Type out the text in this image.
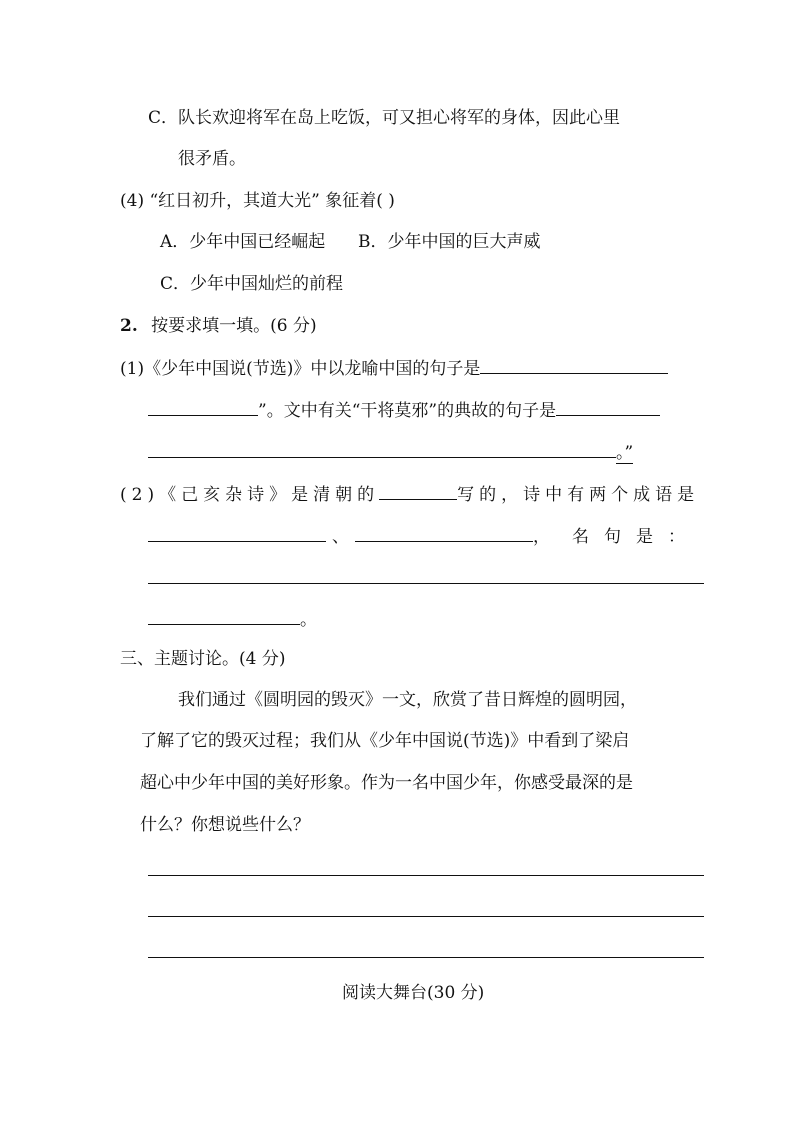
C．队长欢迎将军在岛上吃饭，可又担心将军的身体，因此心里
很矛盾。
(4) “红日初升，其道大光” 象征着( )
A．少年中国已经崛起 B．少年中国的巨大声威
C．少年中国灿烂的前程
2. 按要求填一填。(6 分)
(1)《少年中国说(节选)》中以龙喻中国的句子是
”。文中有关“干将莫邪”的典故的句子是
。”
(2)《己亥杂诗》是清朝的	写的，诗中有两个成语是
、	， 名句是：
。
三、主题讨论。(4 分)
我们通过《圆明园的毁灭》一文，欣赏了昔日辉煌的圆明园，
了解了它的毁灭过程；我们从《少年中国说(节选)》中看到了梁启
超心中少年中国的美好形象。作为一名中国少年，你感受最深的是
什么？你想说些什么？
阅读大舞台(30 分)
